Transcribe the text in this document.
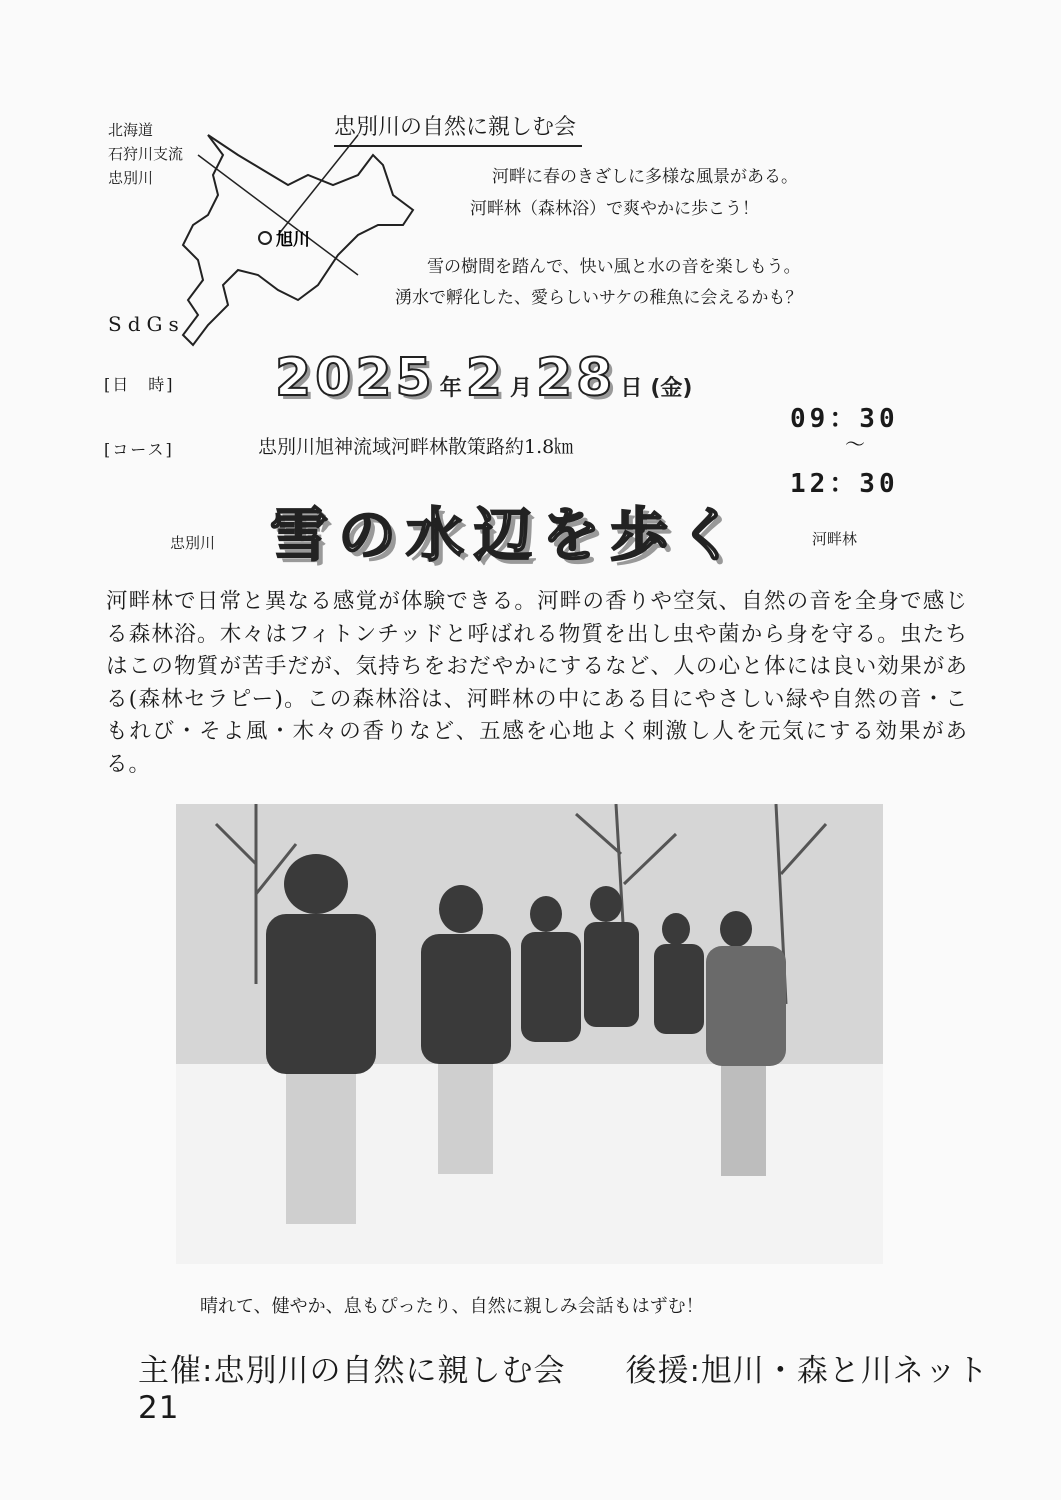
北海道
石狩川支流
忠別川
旭川
忠別川の自然に親しむ会
河畔に春のきざしに多様な風景がある。
河畔林（森林浴）で爽やかに歩こう！
雪の樹間を踏んで、快い風と水の音を楽しもう。
湧水で孵化した、愛らしいサケの稚魚に会えるかも？
SdGs
[日　時] 2025 年2 月28 日 (金)
09：30
〜
12：30
[コース]	忠別川旭神流域河畔林散策路約1.8㎞
忠別川 雪の水辺を歩く	河畔林
河畔林で日常と異なる感覚が体験できる。河畔の香りや空気、自然の音を全身で感じる森林浴。木々はフィトンチッドと呼ばれる物質を出し虫や菌から身を守る。虫たちはこの物質が苦手だが、気持ちをおだやかにするなど、人の心と体には良い効果がある(森林セラピー)。この森林浴は、河畔林の中にある目にやさしい緑や自然の音・こもれび・そよ風・木々の香りなど、五感を心地よく刺激し人を元気にする効果がある。
晴れて、健やか、息もぴったり、自然に親しみ会話もはずむ！
主催:忠別川の自然に親しむ会 後援:旭川・森と川ネット21
